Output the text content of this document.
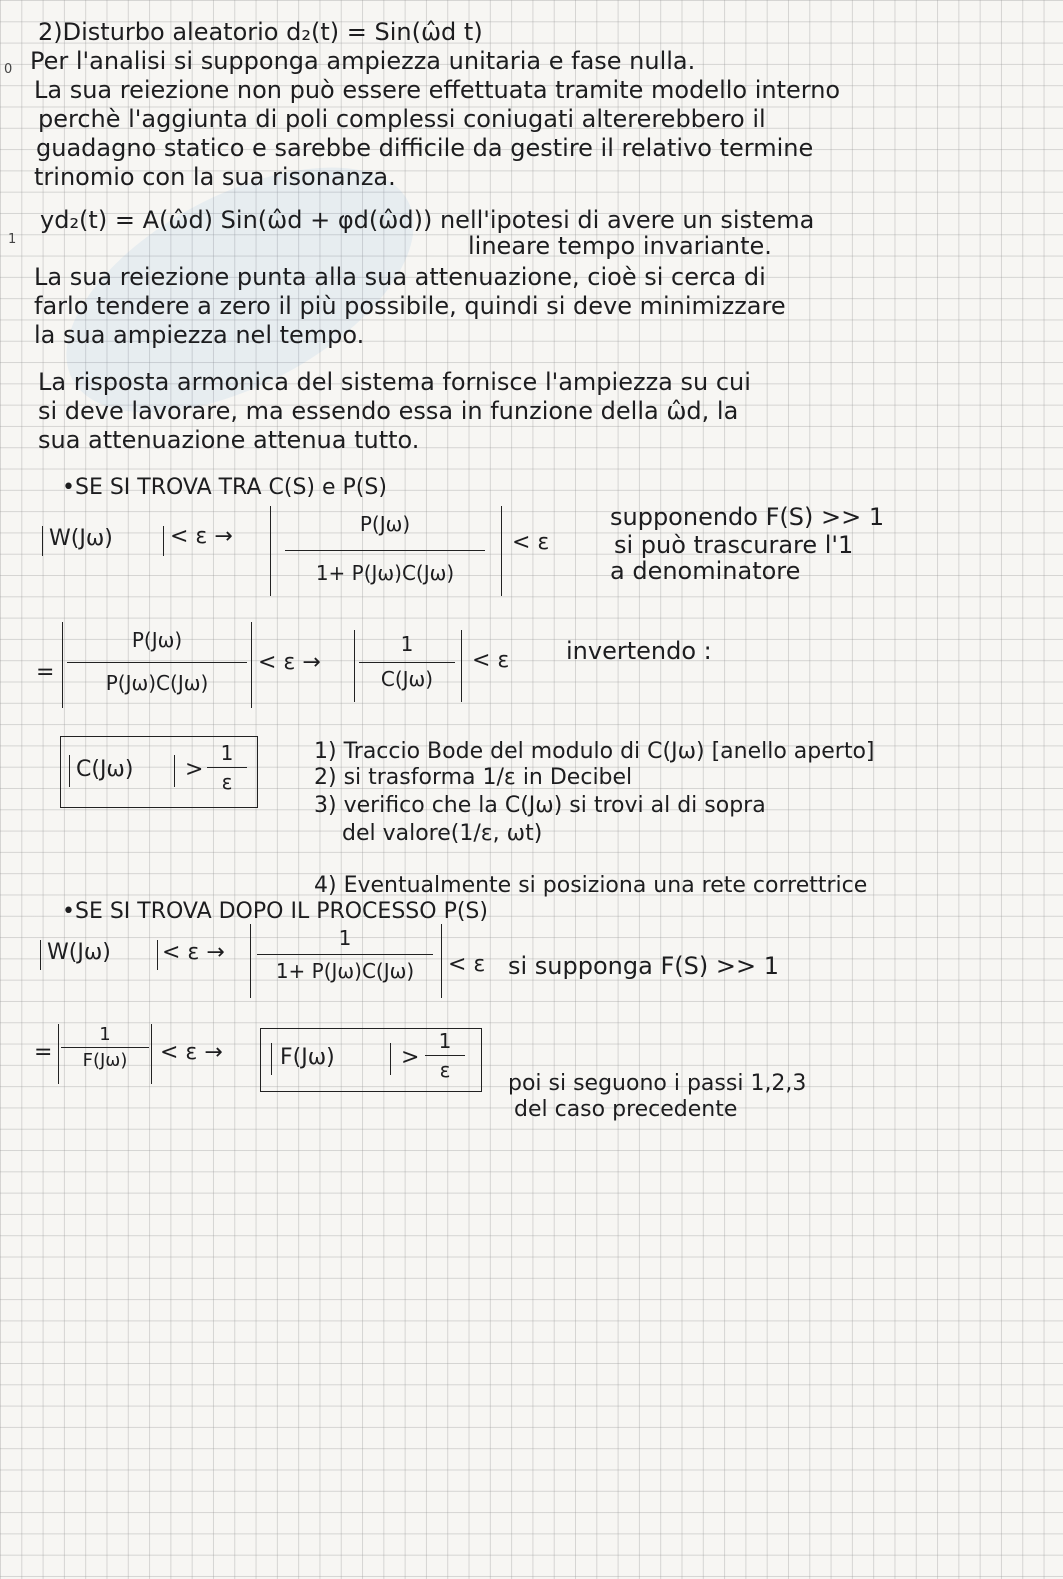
0
1
2)Disturbo aleatorio d₂(t) = Sin(ω̂d t)
Per l'analisi si supponga ampiezza unitaria e fase nulla.
La sua reiezione non può essere effettuata tramite modello interno
perchè l'aggiunta di poli complessi coniugati altererebbero il
guadagno statico e sarebbe difficile da gestire il relativo termine
trinomio con la sua risonanza.
yd₂(t) = A(ω̂d) Sin(ω̂d + φd(ω̂d)) nell'ipotesi di avere un sistema
lineare tempo invariante.
La sua reiezione punta alla sua attenuazione, cioè si cerca di
farlo tendere a zero il più possibile, quindi si deve minimizzare
la sua ampiezza nel tempo.
La risposta armonica del sistema fornisce l'ampiezza su cui
si deve lavorare, ma essendo essa in funzione della ω̂d, la
sua attenuazione attenua tutto.
•SE SI TROVA TRA C(S) e P(S)
W(Jω)	< ε →	P(Jω)
1+ P(Jω)C(Jω)
< ε
supponendo F(S) >> 1
si può trascurare l'1
a denominatore
=
P(Jω)
P(Jω)C(Jω)
< ε →
1
C(Jω)
< ε invertendo :
C(Jω) >
1
ε
1) Traccio Bode del modulo di C(Jω) [anello aperto]
2) si trasforma 1/ε in Decibel
3) verifico che la C(Jω) si trovi al di sopra
del valore(1/ε, ωt)
4) Eventualmente si posiziona una rete correttrice
•SE SI TROVA DOPO IL PROCESSO P(S)
W(Jω) < ε →
1
1+ P(Jω)C(Jω)	< ε si supponga F(S) >> 1
=
1
F(Jω)	< ε →	F(Jω)	>
1
ε
poi si seguono i passi 1,2,3
del caso precedente
